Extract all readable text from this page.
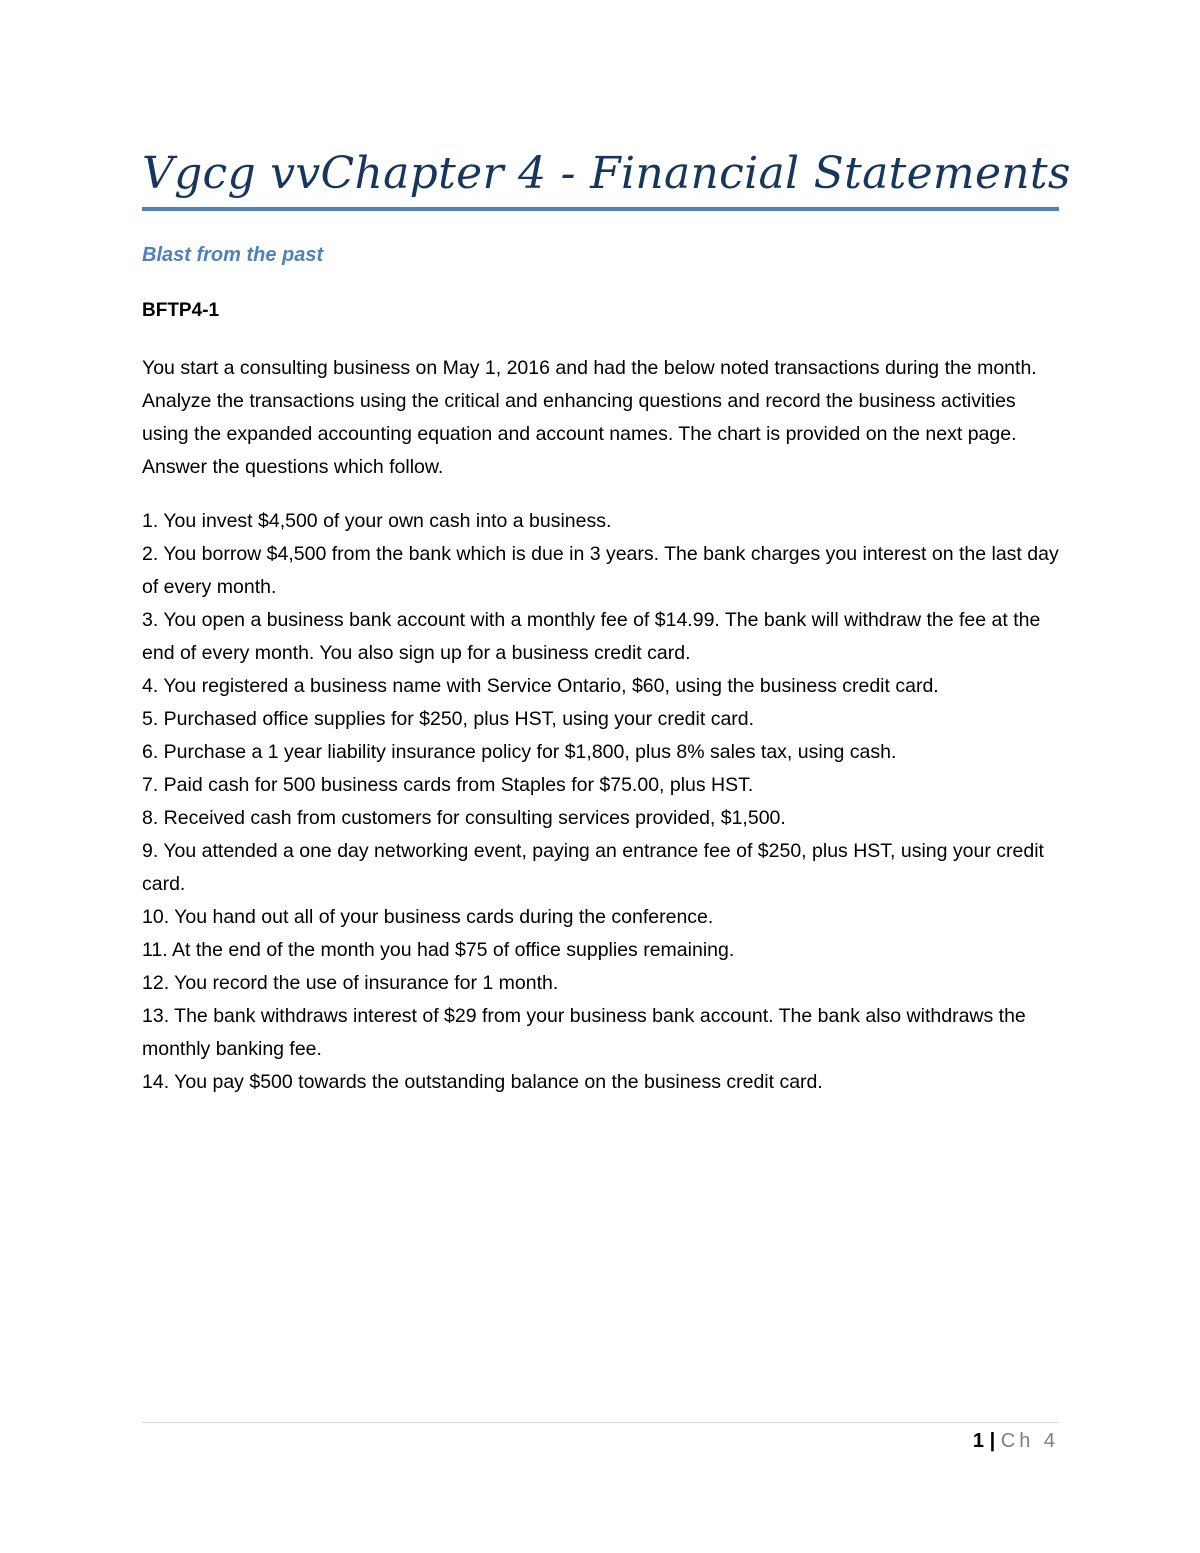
Vgcg vvChapter 4 - Financial Statements

Blast from the past

BFTP4-1

You start a consulting business on May 1, 2016 and had the below noted transactions during the month. Analyze the transactions using the critical and enhancing questions and record the business activities using the expanded accounting equation and account names. The chart is provided on the next page. Answer the questions which follow.

1. You invest $4,500 of your own cash into a business.
2. You borrow $4,500 from the bank which is due in 3 years. The bank charges you interest on the last day of every month.
3. You open a business bank account with a monthly fee of $14.99. The bank will withdraw the fee at the end of every month. You also sign up for a business credit card.
4. You registered a business name with Service Ontario, $60, using the business credit card.
5. Purchased office supplies for $250, plus HST, using your credit card.
6. Purchase a 1 year liability insurance policy for $1,800, plus 8% sales tax, using cash.
7. Paid cash for 500 business cards from Staples for $75.00, plus HST.
8. Received cash from customers for consulting services provided, $1,500.
9. You attended a one day networking event, paying an entrance fee of $250, plus HST, using your credit card.
10. You hand out all of your business cards during the conference.
11. At the end of the month you had $75 of office supplies remaining.
12. You record the use of insurance for 1 month.
13. The bank withdraws interest of $29 from your business bank account. The bank also withdraws the monthly banking fee.
14. You pay $500 towards the outstanding balance on the business credit card.

1 | Ch 4
